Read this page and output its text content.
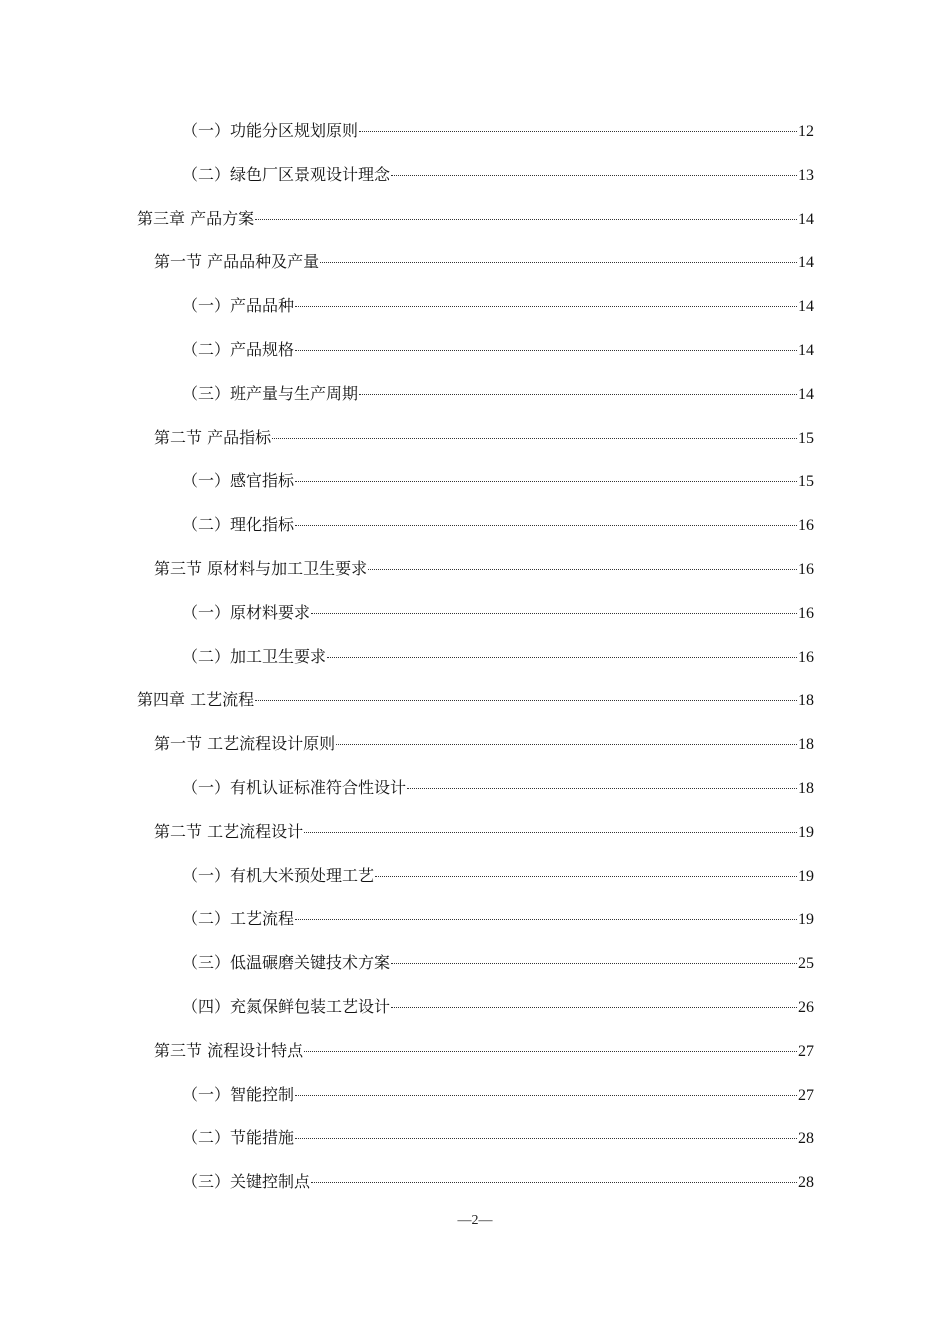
（一）功能分区规划原则	12
（二）绿色厂区景观设计理念	13
第三章 产品方案	14
第一节 产品品种及产量	14
（一）产品品种	14
（二）产品规格	14
（三）班产量与生产周期	14
第二节 产品指标	15
（一）感官指标	15
（二）理化指标	16
第三节 原材料与加工卫生要求	16
（一）原材料要求	16
（二）加工卫生要求	16
第四章 工艺流程	18
第一节 工艺流程设计原则	18
（一）有机认证标准符合性设计	18
第二节 工艺流程设计	19
（一）有机大米预处理工艺	19
（二）工艺流程	19
（三）低温碾磨关键技术方案	25
（四）充氮保鲜包装工艺设计	26
第三节 流程设计特点	27
（一）智能控制	27
（二）节能措施	28
（三）关键控制点	28
—2—
